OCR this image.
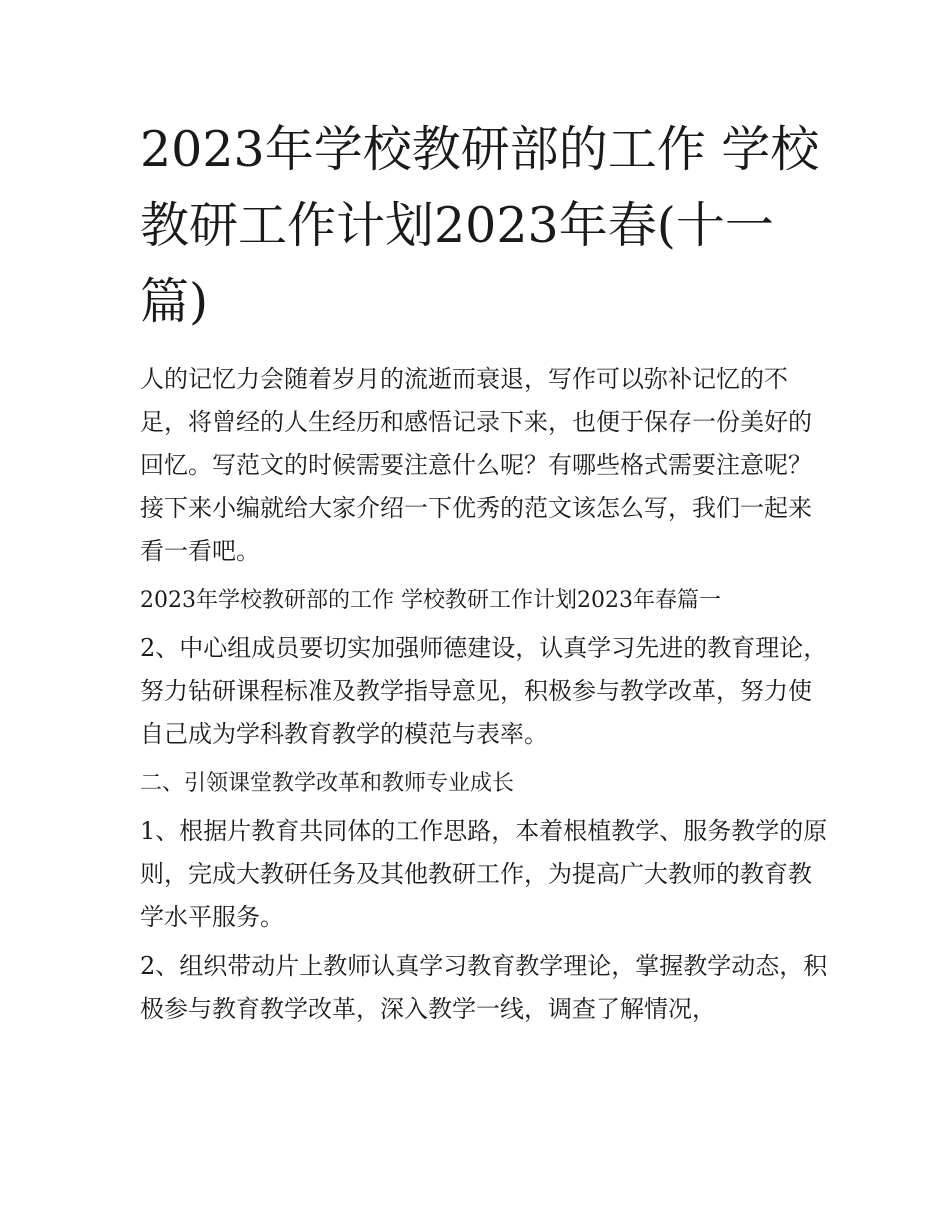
2023年学校教研部的工作 学校教研工作计划2023年春(十一篇)

人的记忆力会随着岁月的流逝而衰退，写作可以弥补记忆的不足，将曾经的人生经历和感悟记录下来，也便于保存一份美好的回忆。写范文的时候需要注意什么呢？有哪些格式需要注意呢？接下来小编就给大家介绍一下优秀的范文该怎么写，我们一起来看一看吧。

2023年学校教研部的工作 学校教研工作计划2023年春篇一

2、中心组成员要切实加强师德建设，认真学习先进的教育理论，努力钻研课程标准及教学指导意见，积极参与教学改革，努力使自己成为学科教育教学的模范与表率。

二、引领课堂教学改革和教师专业成长

1、根据片教育共同体的工作思路，本着根植教学、服务教学的原则，完成大教研任务及其他教研工作，为提高广大教师的教育教学水平服务。

2、组织带动片上教师认真学习教育教学理论，掌握教学动态，积极参与教育教学改革，深入教学一线，调查了解情况，
